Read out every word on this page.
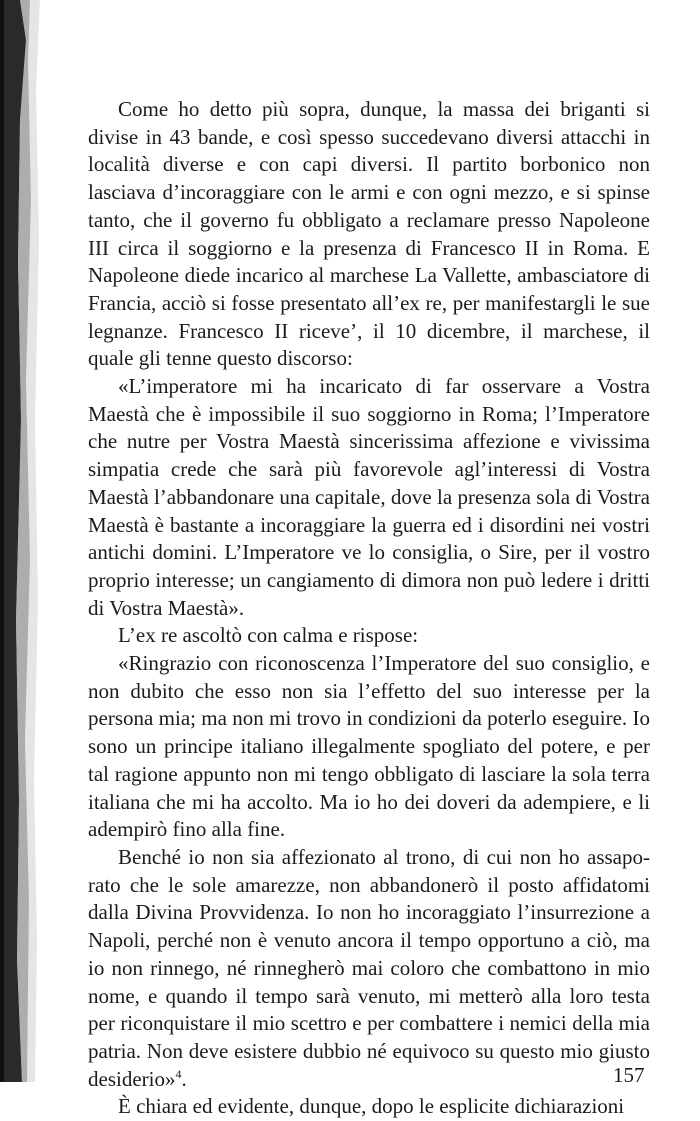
Come ho detto più sopra, dunque, la massa dei briganti si divise in 43 bande, e così spesso succedevano diversi attacchi in località diverse e con capi diversi. Il partito borbonico non lasciava d’incoraggiare con le armi e con ogni mezzo, e si spinse tanto, che il governo fu obbligato a reclamare presso Napoleone III circa il soggiorno e la presenza di Francesco II in Roma. E Napoleone diede incarico al marchese La Vallette, ambasciatore di Francia, acciò si fosse presentato all’ex re, per manifestargli le sue legnanze. Francesco II riceve’, il 10 dicembre, il marchese, il quale gli tenne questo discorso:

«L’imperatore mi ha incaricato di far osservare a Vostra Maestà che è impossibile il suo soggiorno in Roma; l’Imperatore che nutre per Vostra Maestà sincerissima affezione e vivissima simpatia crede che sarà più favorevole agl’interessi di Vostra Maestà l’abbandonare una capitale, dove la presenza sola di Vostra Maestà è bastante a incoraggiare la guerra ed i disordini nei vostri antichi domini. L’Imperatore ve lo consiglia, o Sire, per il vostro proprio interesse; un cangiamento di dimora non può ledere i dritti di Vostra Maestà».

L’ex re ascoltò con calma e rispose:

«Ringrazio con riconoscenza l’Imperatore del suo consiglio, e non dubito che esso non sia l’effetto del suo interesse per la persona mia; ma non mi trovo in condizioni da poterlo eseguire. Io sono un principe italiano illegalmente spogliato del potere, e per tal ragione appunto non mi tengo obbligato di lasciare la sola terra italiana che mi ha accolto. Ma io ho dei doveri da adempiere, e li adempirò fino alla fine.

Benché io non sia affezionato al trono, di cui non ho assaporato che le sole amarezze, non abbandonerò il posto affidatomi dalla Divina Provvidenza. Io non ho incoraggiato l’insurrezione a Napoli, perché non è venuto ancora il tempo opportuno a ciò, ma io non rinnego, né rinnegherò mai coloro che combattono in mio nome, e quando il tempo sarà venuto, mi metterò alla loro testa per riconquistare il mio scettro e per combattere i nemici della mia patria. Non deve esistere dubbio né equivoco su questo mio giusto desiderio»$^4$.

È chiara ed evidente, dunque, dopo le esplicite dichiarazioni

157
